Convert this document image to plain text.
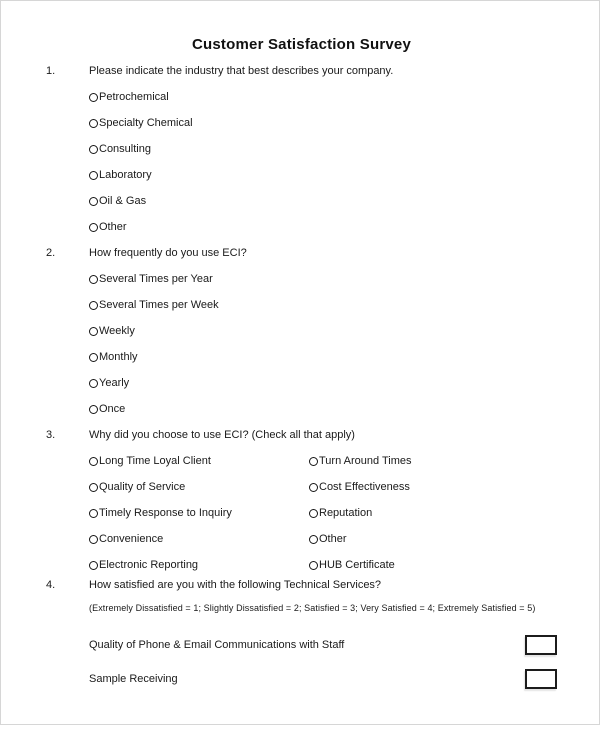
Customer Satisfaction Survey
1.	Please indicate the industry that best describes your company.
Petrochemical
Specialty Chemical
Consulting
Laboratory
Oil & Gas
Other
2.	How frequently do you use ECI?
Several Times per Year
Several Times per Week
Weekly
Monthly
Yearly
Once
3.	Why did you choose to use ECI? (Check all that apply)
Long Time Loyal Client	Turn Around Times
Quality of Service	Cost Effectiveness
Timely Response to Inquiry	Reputation
Convenience	Other
Electronic Reporting	HUB Certificate
4.	How satisfied are you with the following Technical Services?
(Extremely Dissatisfied = 1; Slightly Dissatisfied = 2; Satisfied = 3; Very Satisfied = 4; Extremely Satisfied = 5)
Quality of Phone & Email Communications with Staff
Sample Receiving
